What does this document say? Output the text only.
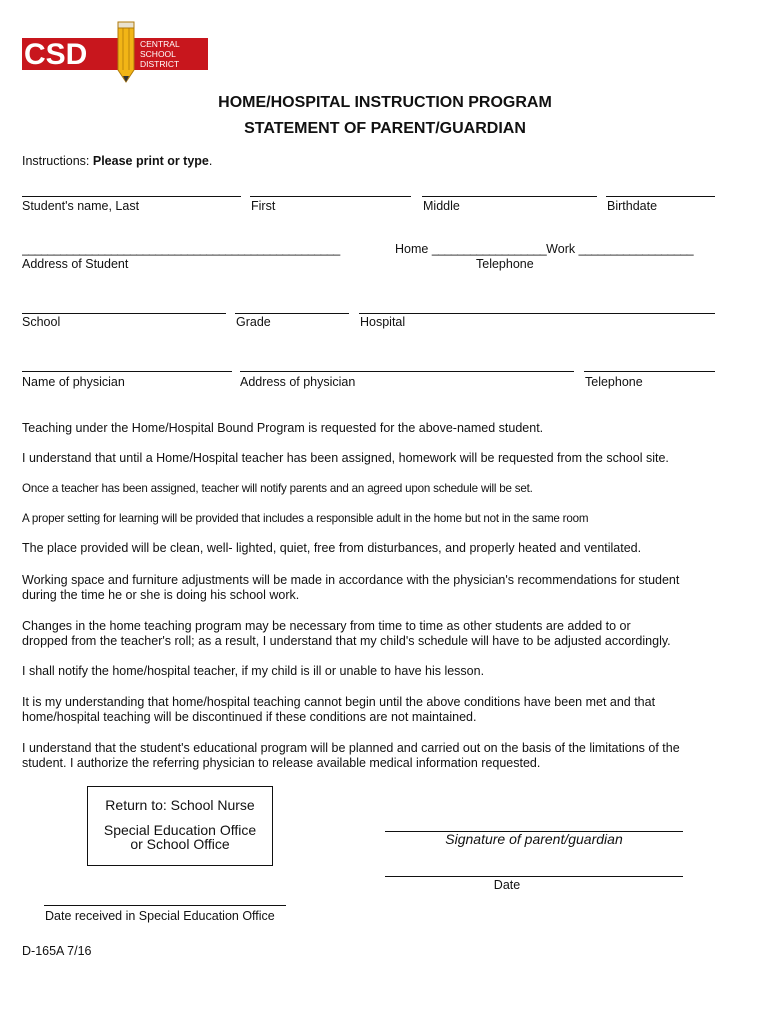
CSD	CENTRAL
SCHOOL
DISTRICT
HOME/HOSPITAL INSTRUCTION PROGRAM
STATEMENT OF PARENT/GUARDIAN
Instructions: Please print or type.
Student's name, Last	First	Middle	Birthdate
__________________________________________________
Address of Student
Home __________________Work __________________
Telephone
School	Grade	Hospital
Name of physician	Address of physician	Telephone
Teaching under the Home/Hospital Bound Program is requested for the above-named student.
I understand that until a Home/Hospital teacher has been assigned, homework will be requested from the school site.
Once a teacher has been assigned, teacher will notify parents and an agreed upon schedule will be set.
A proper setting for learning will be provided that includes a responsible adult in the home but not in the same room
The place provided will be clean, well- lighted, quiet, free from disturbances, and properly heated and ventilated.
Working space and furniture adjustments will be made in accordance with the physician's recommendations for student
during the time he or she is doing his school work.
Changes in the home teaching program may be necessary from time to time as other students are added to or
dropped from the teacher's roll; as a result, I understand that my child's schedule will have to be adjusted accordingly.
I shall notify the home/hospital teacher, if my child is ill or unable to have his lesson.
It is my understanding that home/hospital teaching cannot begin until the above conditions have been met and that
home/hospital teaching will be discontinued if these conditions are not maintained.
I understand that the student's educational program will be planned and carried out on the basis of the limitations of the
student. I authorize the referring physician to release available medical information requested.
Return to: School Nurse
Special Education Office
or School Office	Signature of parent/guardian
Date
Date received in Special Education Office
D-165A 7/16
